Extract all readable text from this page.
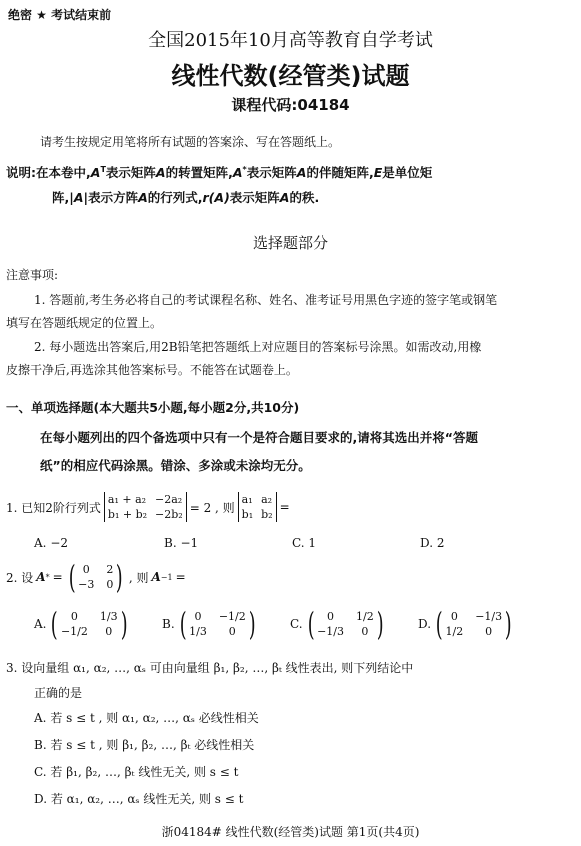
绝密 ★ 考试结束前
全国2015年10月高等教育自学考试
线性代数(经管类)试题
课程代码:04184
请考生按规定用笔将所有试题的答案涂、写在答题纸上。
说明:在本卷中$,A^T$表示矩阵A的转置矩阵,A*表示矩阵A的伴随矩阵,E是单位矩
阵,|A|表示方阵A的行列式,r(A)表示矩阵A的秩.
选择题部分
注意事项:
1. 答题前,考生务必将自己的考试课程名称、姓名、准考证号用黑色字迹的签字笔或钢笔
填写在答题纸规定的位置上。
2. 每小题选出答案后,用2B铅笔把答题纸上对应题目的答案标号涂黑。如需改动,用橡
皮擦干净后,再选涂其他答案标号。不能答在试题卷上。
一、单项选择题(本大题共5小题,每小题2分,共10分)
在每小题列出的四个备选项中只有一个是符合题目要求的,请将其选出并将“答题
纸”的相应代码涂黑。错涂、多涂或未涂均无分。
1. 已知2阶行列式
a₁ + a₂ −2a₂
b₁ + b₂ −2b₂ = 2 , 则
a₁ a₂
b₁ b₂
=
A. −2	B. −1	C. 1	D. 2
2. 设 A * = ( 0	2
−3 0 ) , 则 A −1 =
A. (	0	1/3
−1/2	0 )	B. ( 0	−1/2
1/3	0 )	C. (	0	1/2
−1/3	0 )	D. ( 0	−1/3
1/2	0 )
3. 设向量组 α₁, α₂, …, αₛ 可由向量组 β₁, β₂, …, βₜ 线性表出, 则下列结论中
正确的是
A. 若 s ≤ t , 则 α₁, α₂, …, αₛ 必线性相关
B. 若 s ≤ t , 则 β₁, β₂, …, βₜ 必线性相关
C. 若 β₁, β₂, …, βₜ 线性无关, 则 s ≤ t
D. 若 α₁, α₂, …, αₛ 线性无关, 则 s ≤ t
浙04184# 线性代数(经管类)试题 第1页(共4页)
